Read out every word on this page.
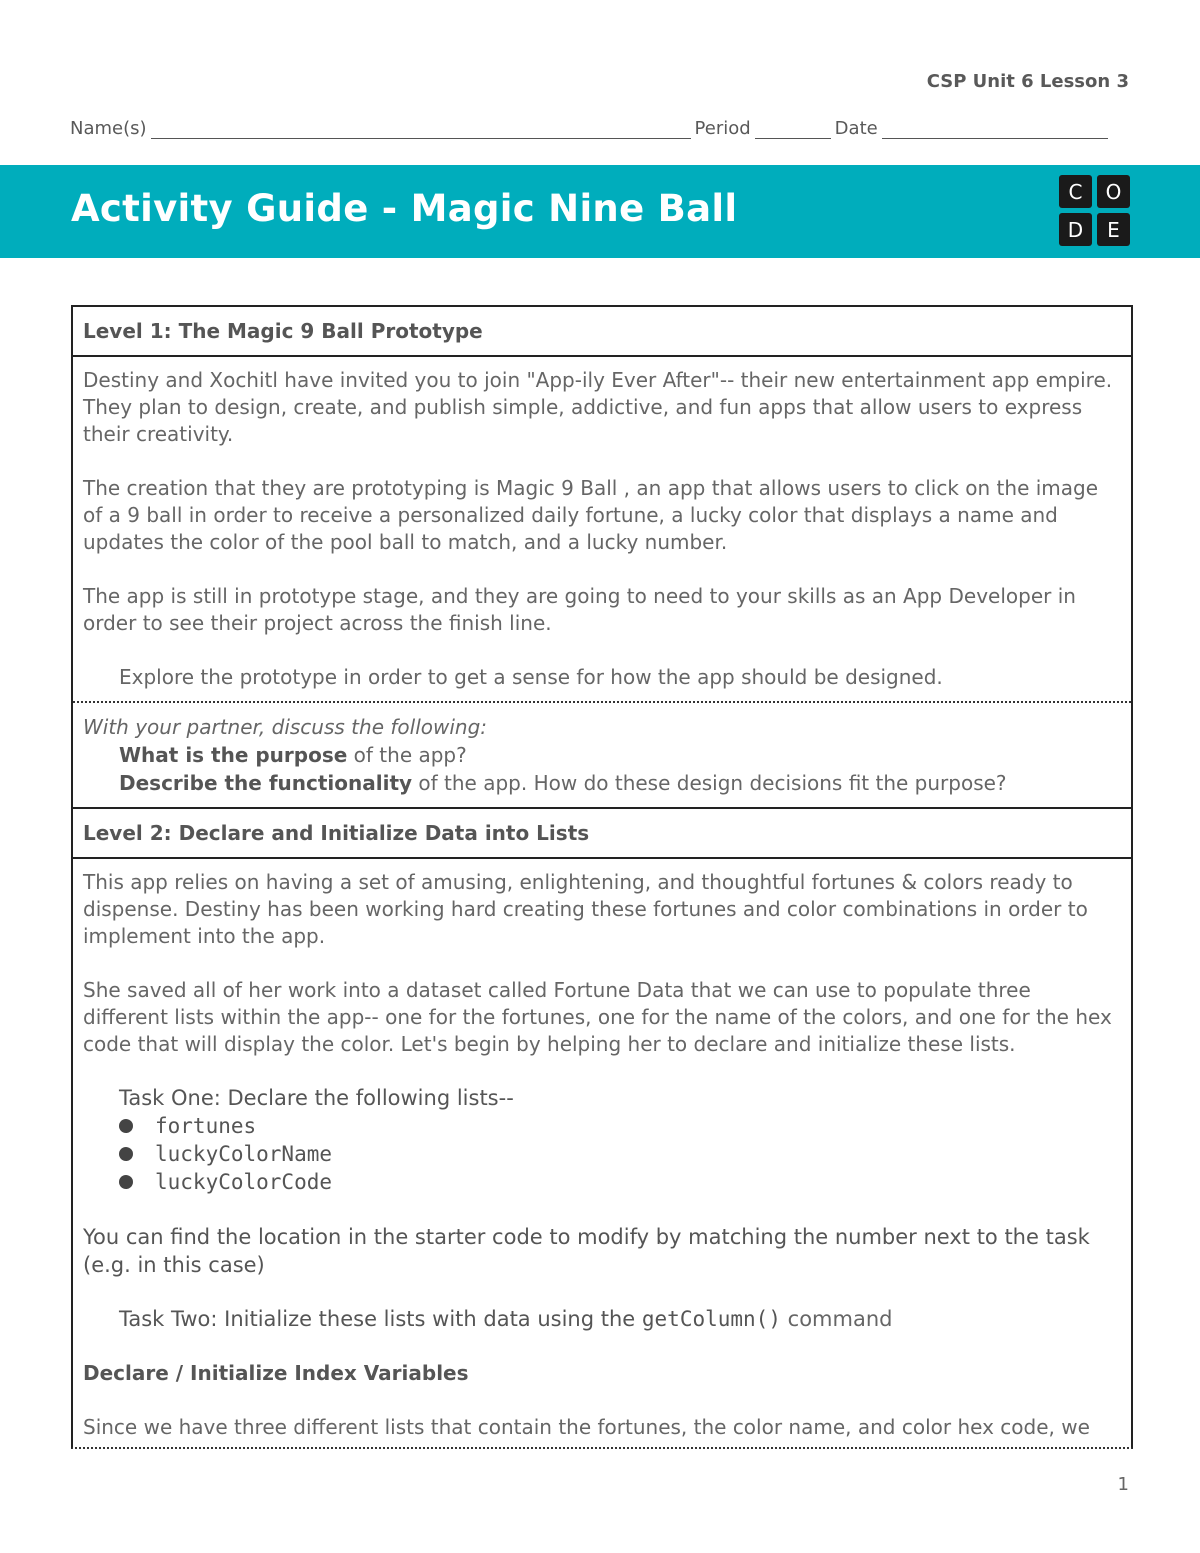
CSP Unit 6 Lesson 3
Name(s)	Period	Date
Activity Guide - Magic Nine Ball	C	O
D	E
Level 1: The Magic 9 Ball Prototype

Destiny and Xochitl have invited you to join "App-ily Ever After"-- their new entertainment app empire. They plan to design, create, and publish simple, addictive, and fun apps that allow users to express their creativity.

The creation that they are prototyping is Magic 9 Ball , an app that allows users to click on the image of a 9 ball in order to receive a personalized daily fortune, a lucky color that displays a name and updates the color of the pool ball to match, and a lucky number.

The app is still in prototype stage, and they are going to need to your skills as an App Developer in order to see their project across the finish line.

Explore the prototype in order to get a sense for how the app should be designed.

With your partner, discuss the following:
What is the purpose of the app?
Describe the functionality of the app. How do these design decisions fit the purpose?
Level 2: Declare and Initialize Data into Lists

This app relies on having a set of amusing, enlightening, and thoughtful fortunes & colors ready to dispense. Destiny has been working hard creating these fortunes and color combinations in order to implement into the app.

She saved all of her work into a dataset called Fortune Data that we can use to populate three different lists within the app-- one for the fortunes, one for the name of the colors, and one for the hex code that will display the color. Let's begin by helping her to declare and initialize these lists.

Task One: Declare the following lists--
fortunes
luckyColorName
luckyColorCode

You can find the location in the starter code to modify by matching the number next to the task (e.g. in this case)

Task Two: Initialize these lists with data using the getColumn() command

Declare / Initialize Index Variables

Since we have three different lists that contain the fortunes, the color name, and color hex code, we

1
